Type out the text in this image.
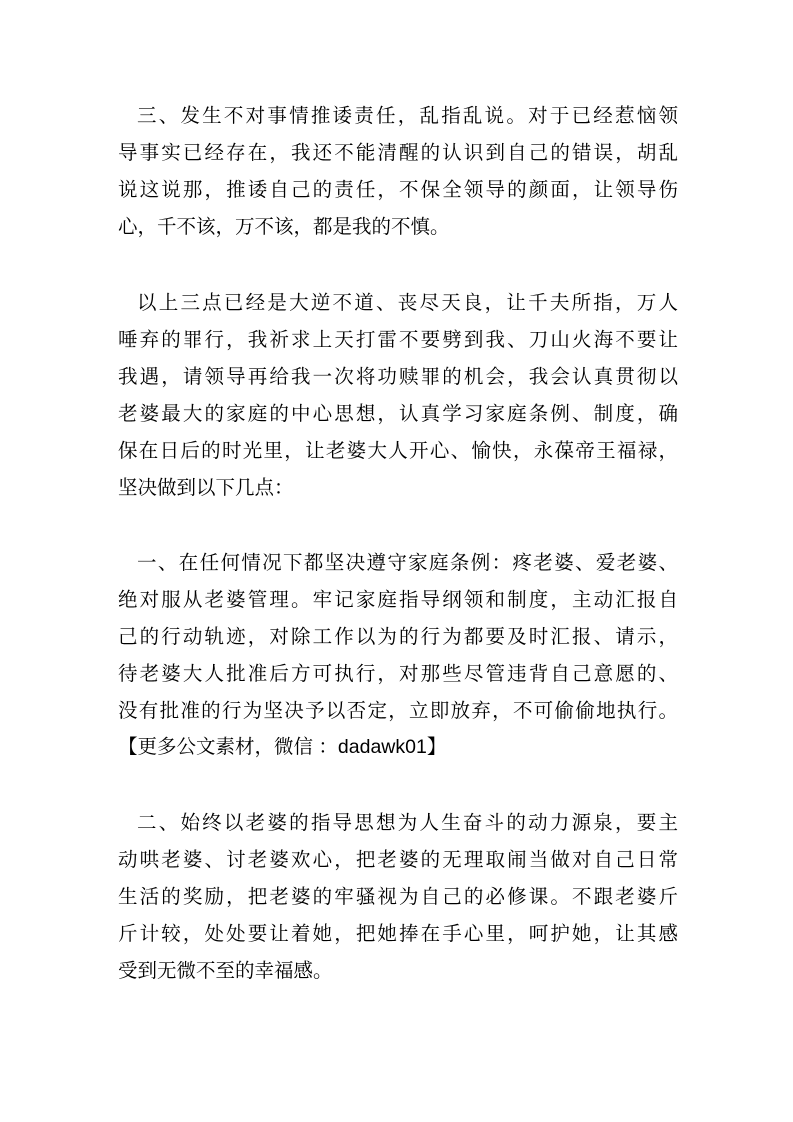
三、发生不对事情推诿责任，乱指乱说。对于已经惹恼领
导事实已经存在，我还不能清醒的认识到自己的错误，胡乱
说这说那，推诿自己的责任，不保全领导的颜面，让领导伤
心，千不该，万不该，都是我的不慎。
以上三点已经是大逆不道、丧尽天良，让千夫所指，万人
唾弃的罪行，我祈求上天打雷不要劈到我、刀山火海不要让
我遇，请领导再给我一次将功赎罪的机会，我会认真贯彻以
老婆最大的家庭的中心思想，认真学习家庭条例、制度，确
保在日后的时光里，让老婆大人开心、愉快，永葆帝王福禄，
坚决做到以下几点：
一、在任何情况下都坚决遵守家庭条例：疼老婆、爱老婆、
绝对服从老婆管理。牢记家庭指导纲领和制度，主动汇报自
己的行动轨迹，对除工作以为的行为都要及时汇报、请示，
待老婆大人批准后方可执行，对那些尽管违背自己意愿的、
没有批准的行为坚决予以否定，立即放弃，不可偷偷地执行。
【更多公文素材，微信 ：dadawk01】
二、始终以老婆的指导思想为人生奋斗的动力源泉，要主
动哄老婆、讨老婆欢心，把老婆的无理取闹当做对自己日常
生活的奖励，把老婆的牢骚视为自己的必修课。不跟老婆斤
斤计较，处处要让着她，把她捧在手心里，呵护她，让其感
受到无微不至的幸福感。
